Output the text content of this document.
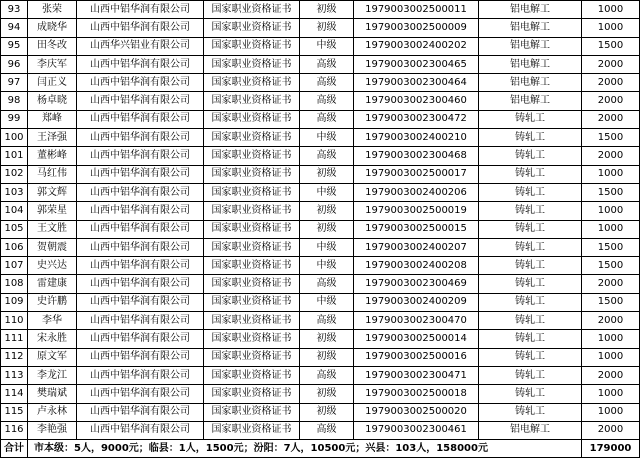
93	张荣	山西中铝华润有限公司	国家职业资格证书	初级	1979003002500011	铝电解工	1000
94	成晓华	山西中铝华润有限公司	国家职业资格证书	初级	1979003002500009	铝电解工	1000
95	田冬改	山西华兴铝业有限公司	国家职业资格证书	中级	1979003002400202	铝电解工	1500
96	李庆军	山西中铝华润有限公司	国家职业资格证书	高级	1979003002300465	铝电解工	2000
97	闫正义	山西中铝华润有限公司	国家职业资格证书	高级	1979003002300464	铝电解工	2000
98	杨卓晓	山西中铝华润有限公司	国家职业资格证书	高级	1979003002300460	铝电解工	2000
99	郑峰	山西中铝华润有限公司	国家职业资格证书	高级	1979003002300472	铸轧工	2000
100	王泽强	山西中铝华润有限公司	国家职业资格证书	中级	1979003002400210	铸轧工	1500
101	董彬峰	山西中铝华润有限公司	国家职业资格证书	高级	1979003002300468	铸轧工	2000
102	马红伟	山西中铝华润有限公司	国家职业资格证书	初级	1979003002500017	铸轧工	1000
103	郭文辉	山西中铝华润有限公司	国家职业资格证书	中级	1979003002400206	铸轧工	1500
104	郭荣星	山西中铝华润有限公司	国家职业资格证书	初级	1979003002500019	铸轧工	1000
105	王文胜	山西中铝华润有限公司	国家职业资格证书	初级	1979003002500015	铸轧工	1000
106	贺朝震	山西中铝华润有限公司	国家职业资格证书	中级	1979003002400207	铸轧工	1500
107	史兴达	山西中铝华润有限公司	国家职业资格证书	中级	1979003002400208	铸轧工	1500
108	雷建康	山西中铝华润有限公司	国家职业资格证书	高级	1979003002300469	铸轧工	2000
109	史许鹏	山西中铝华润有限公司	国家职业资格证书	中级	1979003002400209	铸轧工	1500
110	李华	山西中铝华润有限公司	国家职业资格证书	高级	1979003002300470	铸轧工	2000
111	宋永胜	山西中铝华润有限公司	国家职业资格证书	初级	1979003002500014	铸轧工	1000
112	原文军	山西中铝华润有限公司	国家职业资格证书	初级	1979003002500016	铸轧工	1000
113	李龙江	山西中铝华润有限公司	国家职业资格证书	高级	1979003002300471	铸轧工	2000
114	樊瑞斌	山西中铝华润有限公司	国家职业资格证书	初级	1979003002500018	铸轧工	1000
115	卢永林	山西中铝华润有限公司	国家职业资格证书	初级	1979003002500020	铸轧工	1000
116	李艳强	山西中铝华润有限公司	国家职业资格证书	高级	1979003002300461	铝电解工	2000
合计	市本级：5人，9000元；临县：1人，1500元；汾阳：7人，10500元；兴县：103人，158000元						179000
